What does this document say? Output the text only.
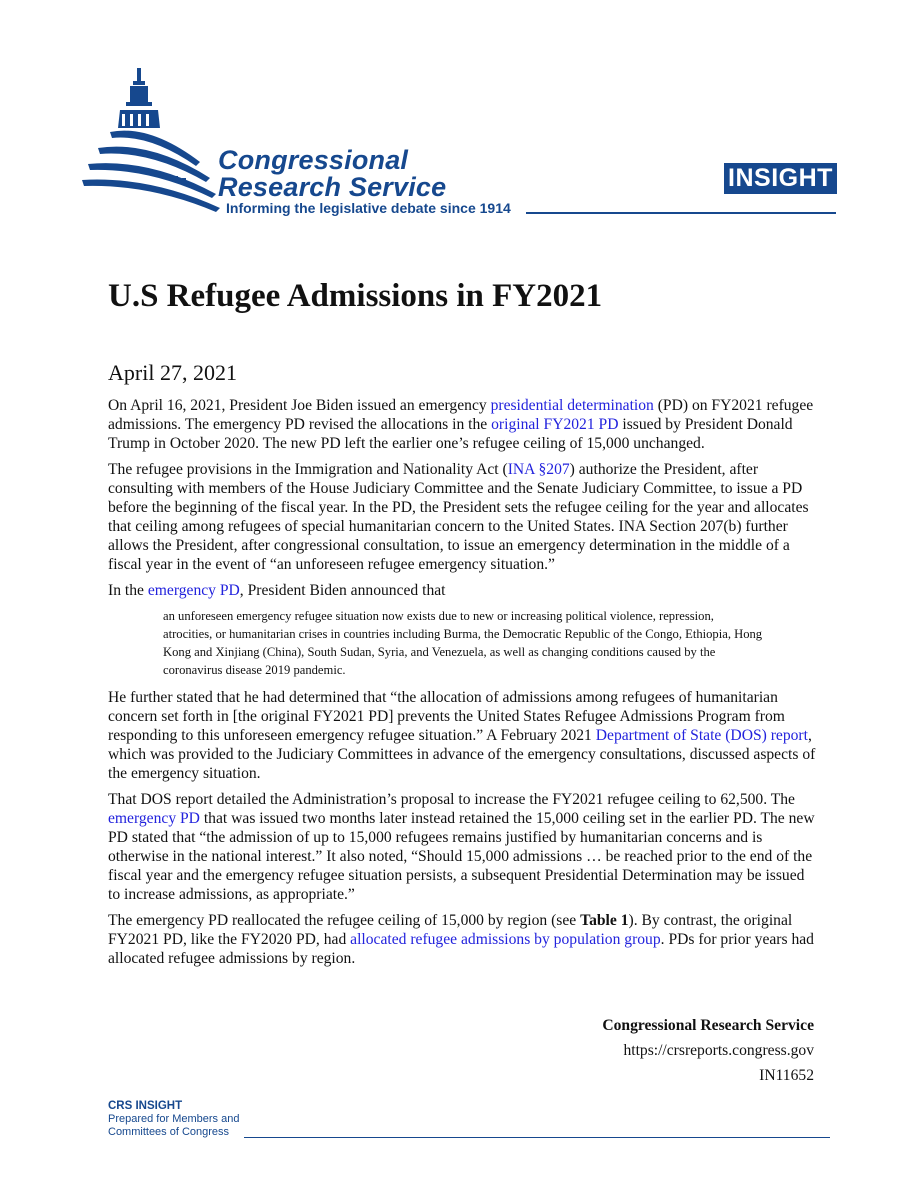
Congressional
Research Service
Informing the legislative debate since 1914
INSIGHT
U.S Refugee Admissions in FY2021
April 27, 2021

On April 16, 2021, President Joe Biden issued an emergency presidential determination (PD) on FY2021 refugee admissions. The emergency PD revised the allocations in the original FY2021 PD issued by President Donald Trump in October 2020. The new PD left the earlier one’s refugee ceiling of 15,000 unchanged.

The refugee provisions in the Immigration and Nationality Act (INA §207) authorize the President, after consulting with members of the House Judiciary Committee and the Senate Judiciary Committee, to issue a PD before the beginning of the fiscal year. In the PD, the President sets the refugee ceiling for the year and allocates that ceiling among refugees of special humanitarian concern to the United States. INA Section 207(b) further allows the President, after congressional consultation, to issue an emergency determination in the middle of a fiscal year in the event of “an unforeseen refugee emergency situation.”

In the emergency PD, President Biden announced that

an unforeseen emergency refugee situation now exists due to new or increasing political violence, repression, atrocities, or humanitarian crises in countries including Burma, the Democratic Republic of the Congo, Ethiopia, Hong Kong and Xinjiang (China), South Sudan, Syria, and Venezuela, as well as changing conditions caused by the coronavirus disease 2019 pandemic.

He further stated that he had determined that “the allocation of admissions among refugees of humanitarian concern set forth in [the original FY2021 PD] prevents the United States Refugee Admissions Program from responding to this unforeseen emergency refugee situation.” A February 2021 Department of State (DOS) report, which was provided to the Judiciary Committees in advance of the emergency consultations, discussed aspects of the emergency situation.

That DOS report detailed the Administration’s proposal to increase the FY2021 refugee ceiling to 62,500. The emergency PD that was issued two months later instead retained the 15,000 ceiling set in the earlier PD. The new PD stated that “the admission of up to 15,000 refugees remains justified by humanitarian concerns and is otherwise in the national interest.” It also noted, “Should 15,000 admissions … be reached prior to the end of the fiscal year and the emergency refugee situation persists, a subsequent Presidential Determination may be issued to increase admissions, as appropriate.”

The emergency PD reallocated the refugee ceiling of 15,000 by region (see Table 1). By contrast, the original FY2021 PD, like the FY2020 PD, had allocated refugee admissions by population group. PDs for prior years had allocated refugee admissions by region.

Congressional Research Service
https://crsreports.congress.gov
IN11652
CRS INSIGHT
Prepared for Members and
Committees of Congress
